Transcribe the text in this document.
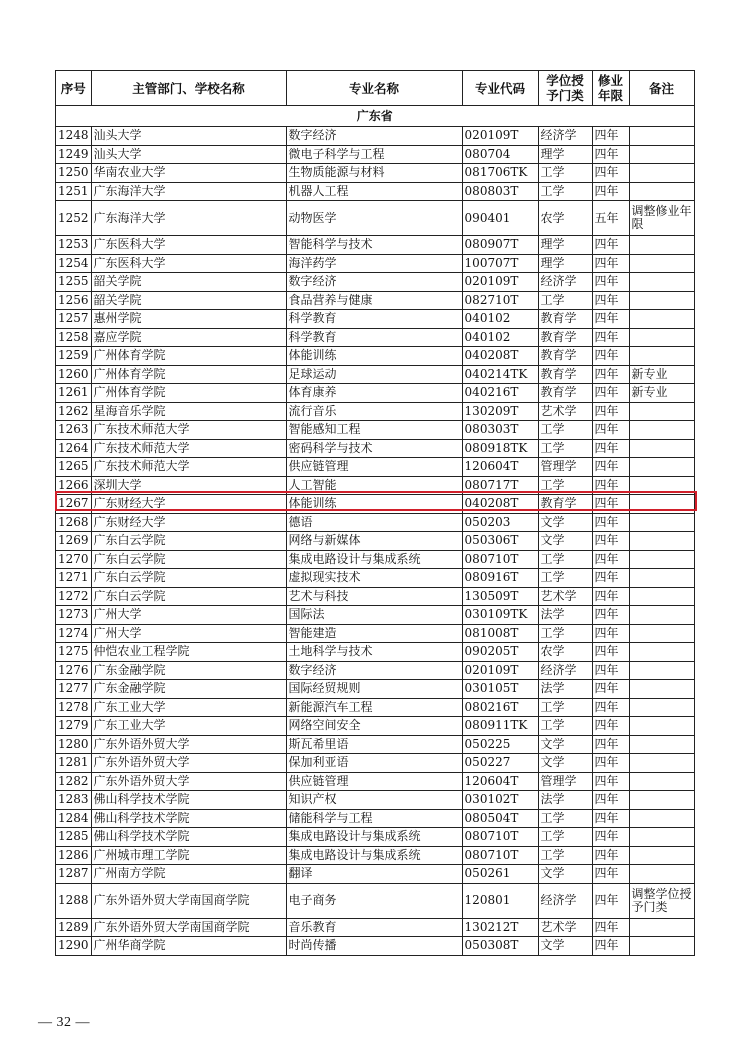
序号	主管部门、学校名称	专业名称	专业代码	学位授予门类	修业年限	备注
广东省						
1248	汕头大学	数字经济	020109T	经济学	四年	
1249	汕头大学	微电子科学与工程	080704	理学	四年	
1250	华南农业大学	生物质能源与材料	081706TK	工学	四年	
1251	广东海洋大学	机器人工程	080803T	工学	四年	
1252	广东海洋大学	动物医学	090401	农学	五年	调整修业年限
1253	广东医科大学	智能科学与技术	080907T	理学	四年	
1254	广东医科大学	海洋药学	100707T	理学	四年	
1255	韶关学院	数字经济	020109T	经济学	四年	
1256	韶关学院	食品营养与健康	082710T	工学	四年	
1257	惠州学院	科学教育	040102	教育学	四年	
1258	嘉应学院	科学教育	040102	教育学	四年	
1259	广州体育学院	体能训练	040208T	教育学	四年	
1260	广州体育学院	足球运动	040214TK	教育学	四年	新专业
1261	广州体育学院	体育康养	040216T	教育学	四年	新专业
1262	星海音乐学院	流行音乐	130209T	艺术学	四年	
1263	广东技术师范大学	智能感知工程	080303T	工学	四年	
1264	广东技术师范大学	密码科学与技术	080918TK	工学	四年	
1265	广东技术师范大学	供应链管理	120604T	管理学	四年	
1266	深圳大学	人工智能	080717T	工学	四年	
1267	广东财经大学	体能训练	040208T	教育学	四年	
1268	广东财经大学	德语	050203	文学	四年	
1269	广东白云学院	网络与新媒体	050306T	文学	四年	
1270	广东白云学院	集成电路设计与集成系统	080710T	工学	四年	
1271	广东白云学院	虚拟现实技术	080916T	工学	四年	
1272	广东白云学院	艺术与科技	130509T	艺术学	四年	
1273	广州大学	国际法	030109TK	法学	四年	
1274	广州大学	智能建造	081008T	工学	四年	
1275	仲恺农业工程学院	土地科学与技术	090205T	农学	四年	
1276	广东金融学院	数字经济	020109T	经济学	四年	
1277	广东金融学院	国际经贸规则	030105T	法学	四年	
1278	广东工业大学	新能源汽车工程	080216T	工学	四年	
1279	广东工业大学	网络空间安全	080911TK	工学	四年	
1280	广东外语外贸大学	斯瓦希里语	050225	文学	四年	
1281	广东外语外贸大学	保加利亚语	050227	文学	四年	
1282	广东外语外贸大学	供应链管理	120604T	管理学	四年	
1283	佛山科学技术学院	知识产权	030102T	法学	四年	
1284	佛山科学技术学院	储能科学与工程	080504T	工学	四年	
1285	佛山科学技术学院	集成电路设计与集成系统	080710T	工学	四年	
1286	广州城市理工学院	集成电路设计与集成系统	080710T	工学	四年	
1287	广州南方学院	翻译	050261	文学	四年	
1288	广东外语外贸大学南国商学院	电子商务	120801	经济学	四年	调整学位授予门类
1289	广东外语外贸大学南国商学院	音乐教育	130212T	艺术学	四年	
1290	广州华商学院	时尚传播	050308T	文学	四年	
— 32 —
